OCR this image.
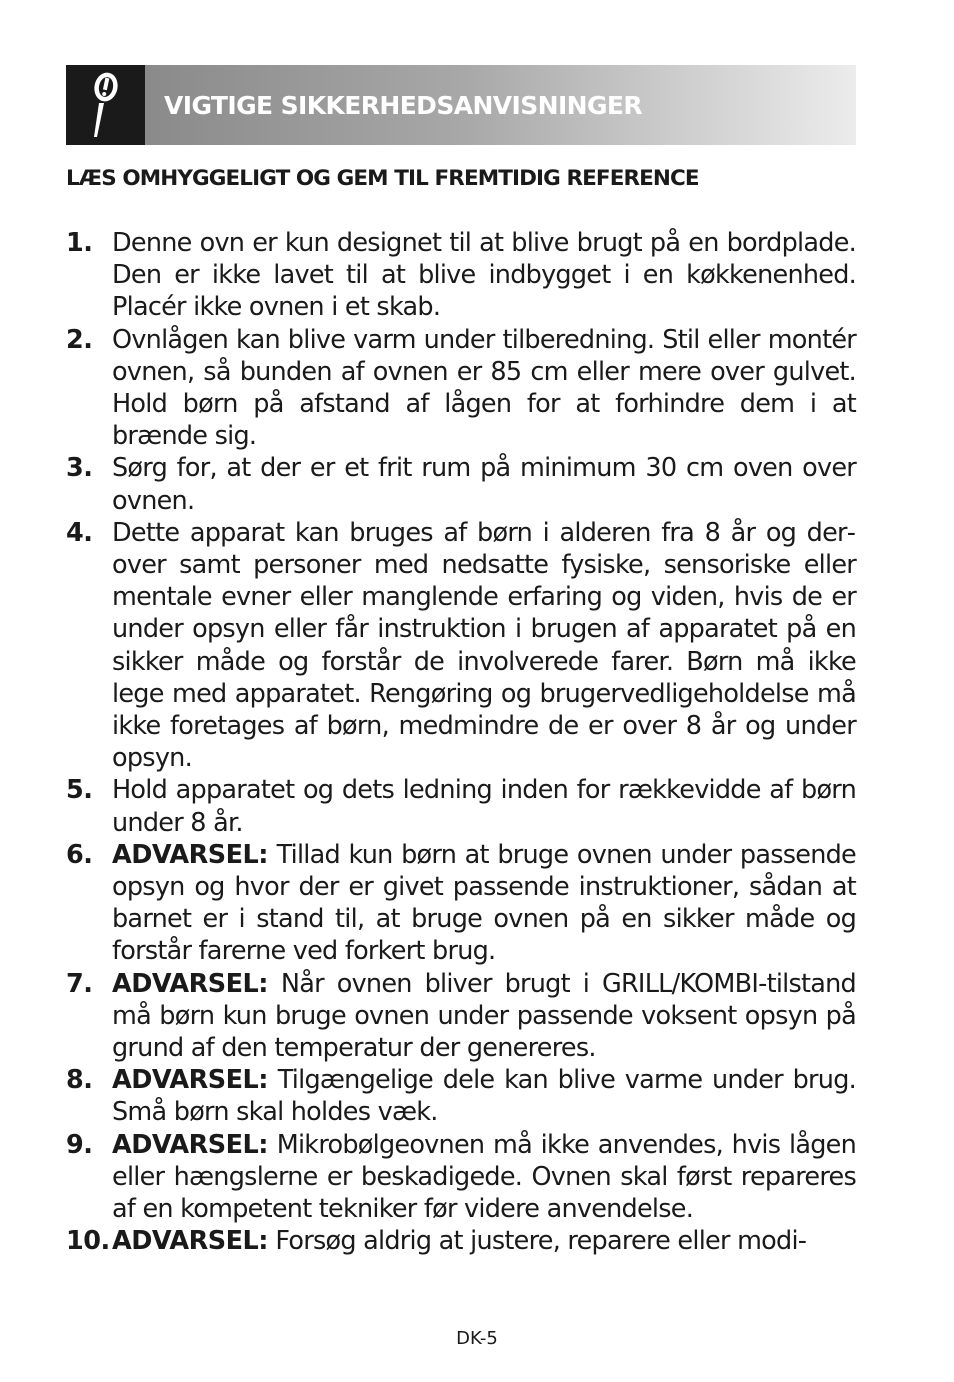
VIGTIGE SIKKERHEDSANVISNINGER
LÆS OMHYGGELIGT OG GEM TIL FREMTIDIG REFERENCE
1. Denne ovn er kun designet til at blive brugt på en bordplade. Den er ikke lavet til at blive indbygget i en køkkenenhed. Placér ikke ovnen i et skab.
2. Ovnlågen kan blive varm under tilberedning. Stil eller montér ovnen, så bunden af ovnen er 85 cm eller mere over gulvet. Hold børn på afstand af lågen for at forhindre dem i at brænde sig.
3. Sørg for, at der er et frit rum på minimum 30 cm oven over ovnen.
4. Dette apparat kan bruges af børn i alderen fra 8 år og derover samt personer med nedsatte fysiske, sensoriske eller mentale evner eller manglende erfaring og viden, hvis de er under opsyn eller får instruktion i brugen af apparatet på en sikker måde og forstår de involverede farer. Børn må ikke lege med apparatet. Rengøring og brugervedligeholdelse må ikke foretages af børn, medmindre de er over 8 år og under opsyn.
5. Hold apparatet og dets ledning inden for rækkevidde af børn under 8 år.
6. ADVARSEL: Tillad kun børn at bruge ovnen under passende opsyn og hvor der er givet passende instruktioner, sådan at barnet er i stand til, at bruge ovnen på en sikker måde og forstår farerne ved forkert brug.
7. ADVARSEL: Når ovnen bliver brugt i GRILL/KOMBI-tilstand må børn kun bruge ovnen under passende voksent opsyn på grund af den temperatur der genereres.
8. ADVARSEL: Tilgængelige dele kan blive varme under brug. Små børn skal holdes væk.
9. ADVARSEL: Mikrobølgeovnen må ikke anvendes, hvis lågen eller hængslerne er beskadigede. Ovnen skal først repareres af en kompetent tekniker før videre anvendelse.
10. ADVARSEL: Forsøg aldrig at justere, reparere eller modi-
DK-5
